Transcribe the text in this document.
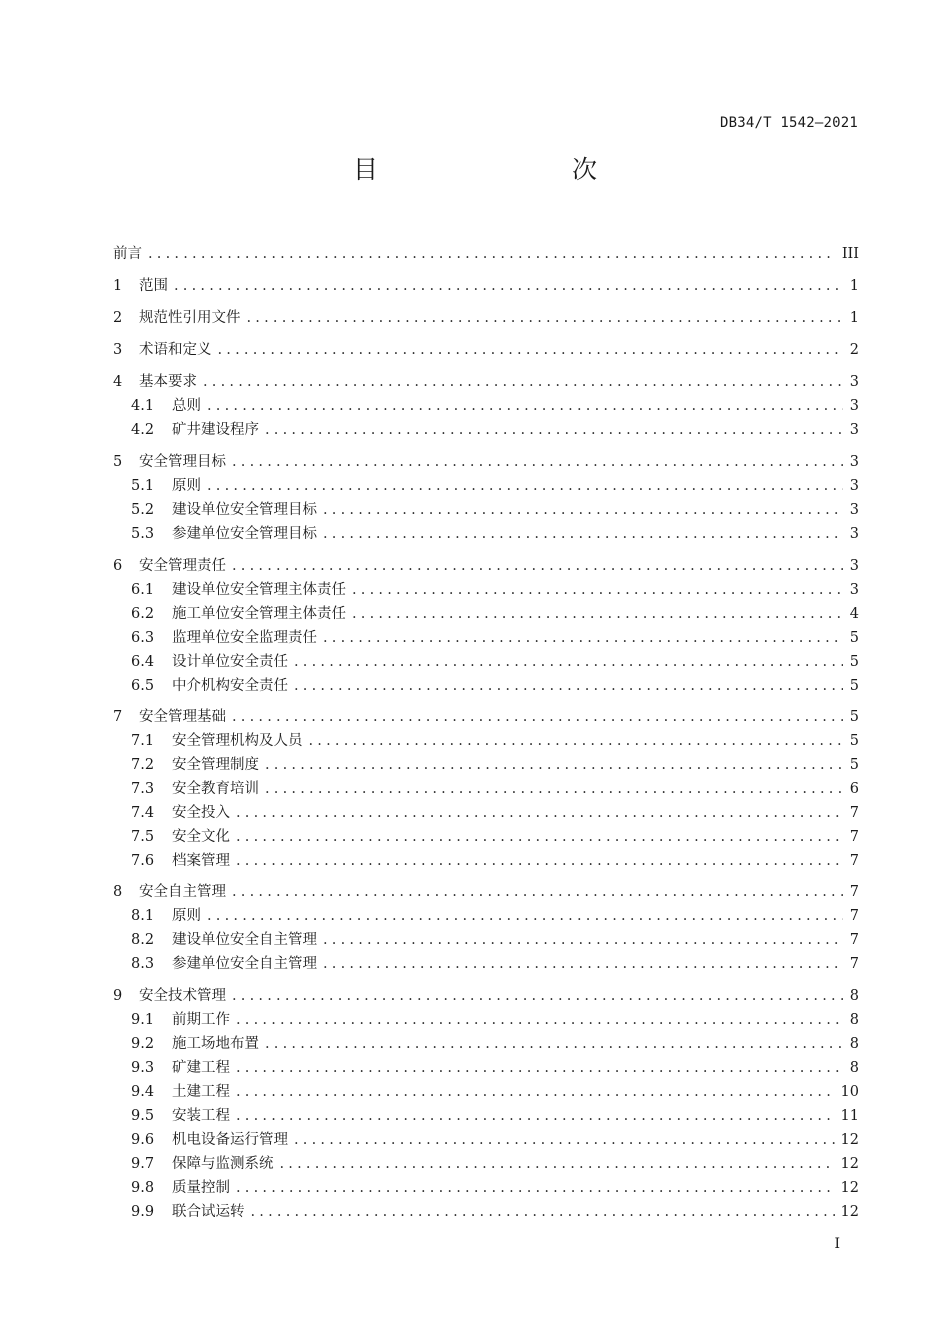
DB34/T 1542—2021
目　　次
前言 .....	III
1	范围 .....	1
2	规范性引用文件 .....	1
3	术语和定义 .....	2
4	基本要求 .....	3
4.1	总则 .....	3
4.2	矿井建设程序 .....	3
5	安全管理目标 .....	3
5.1	原则 .....	3
5.2	建设单位安全管理目标 .....	3
5.3	参建单位安全管理目标 .....	3
6	安全管理责任 .....	3
6.1	建设单位安全管理主体责任 .....	3
6.2	施工单位安全管理主体责任 .....	4
6.3	监理单位安全监理责任 .....	5
6.4	设计单位安全责任 .....	5
6.5	中介机构安全责任 .....	5
7	安全管理基础 .....	5
7.1	安全管理机构及人员 .....	5
7.2	安全管理制度 .....	5
7.3	安全教育培训 .....	6
7.4	安全投入 .....	7
7.5	安全文化 .....	7
7.6	档案管理 .....	7
8	安全自主管理 .....	7
8.1	原则 .....	7
8.2	建设单位安全自主管理 .....	7
8.3	参建单位安全自主管理 .....	7
9	安全技术管理 .....	8
9.1	前期工作 .....	8
9.2	施工场地布置 .....	8
9.3	矿建工程 .....	8
9.4	土建工程 .....	10
9.5	安装工程 .....	11
9.6	机电设备运行管理 .....	12
9.7	保障与监测系统 .....	12
9.8	质量控制 .....	12
9.9	联合试运转 .....	12
I
